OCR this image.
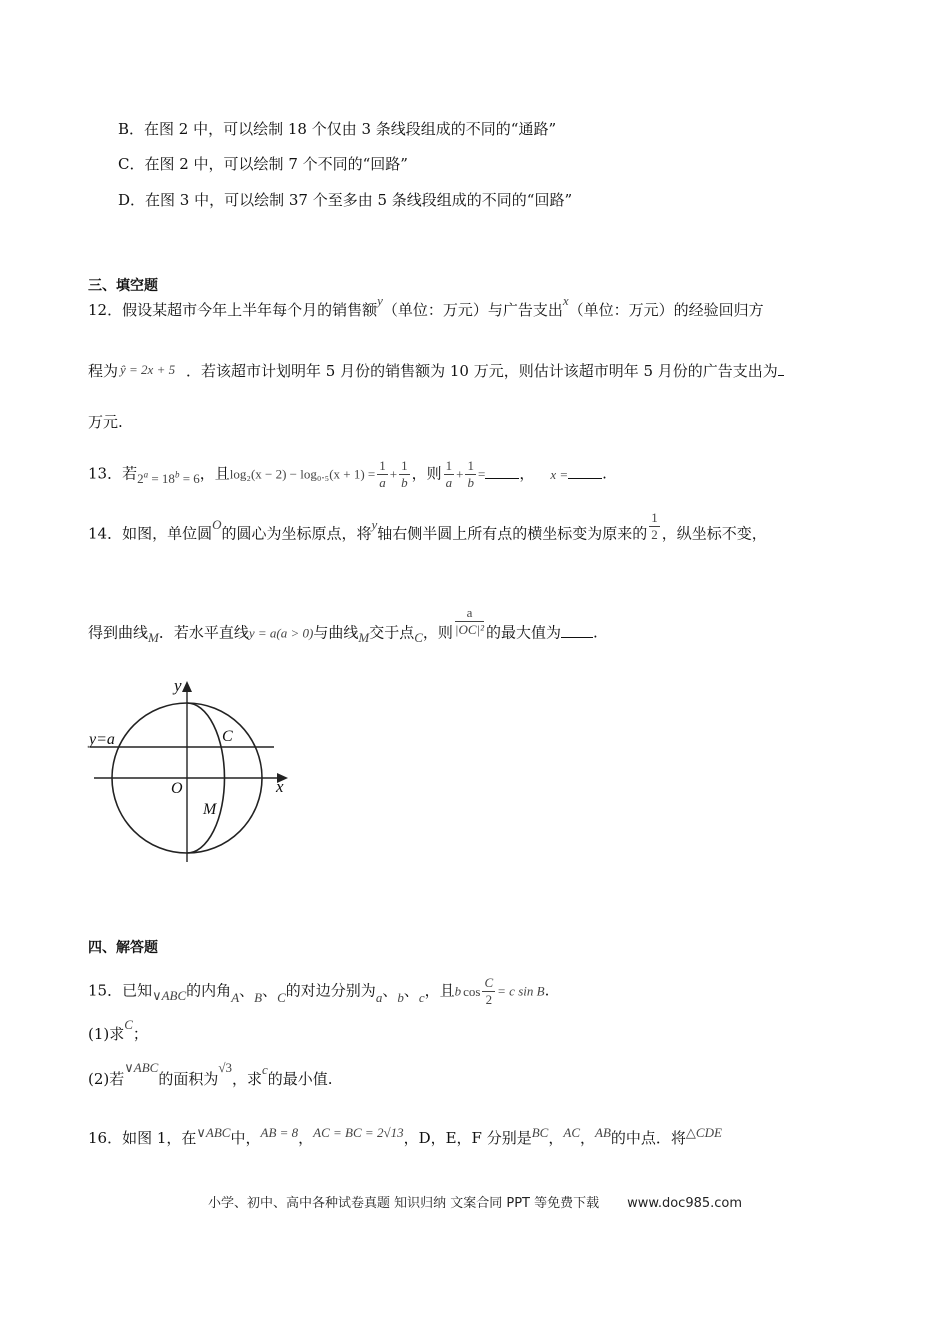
B．在图 2 中，可以绘制 18 个仅由 3 条线段组成的不同的“通路”
C．在图 2 中，可以绘制 7 个不同的“回路”
D．在图 3 中，可以绘制 37 个至多由 5 条线段组成的不同的“回路”
三、填空题
12．假设某超市今年上半年每个月的销售额y（单位：万元）与广告支出x（单位：万元）的经验回归方
程为 ŷ = 2x + 5 ．若该超市计划明年 5 月份的销售额为 10 万元，则估计该超市明年 5 月份的广告支出为
万元.
13．若$2^a = 18^b = 6$，且$\log_2(x - 2) - \log_0._5(x + 1) = \frac{1}{a} + \frac{1}{b}$ ，则 $\frac{1}{a} + \frac{1}{b}$ = ， x = .
14．如图，单位圆O的圆心为坐标原点，将y轴右侧半圆上所有点的横坐标变为原来的 $\frac{1}{2}$ ，纵坐标不变，
得到曲线M．若水平直线y = a(a > 0)与曲线M交于点C，则 $\frac{a}{\text{|OC|²}}$ 的最大值为 .
y
x
y=a	C
O
M
四、解答题
15．已知∨ABC的内角A、B、C的对边分别为a、b、c，且b $\cos \frac{C}{2} = c$ sin B.
(1)求C；
(2)若∨ABC的面积为√3，求c的最小值.
16．如图 1，在∨ABC中，AB = 8，AC = BC = 2√13，D，E，F 分别是BC，AC，AB的中点．将△CDE
小学、初中、高中各种试卷真题 知识归纳 文案合同 PPT 等免费下载 www.doc985.com
